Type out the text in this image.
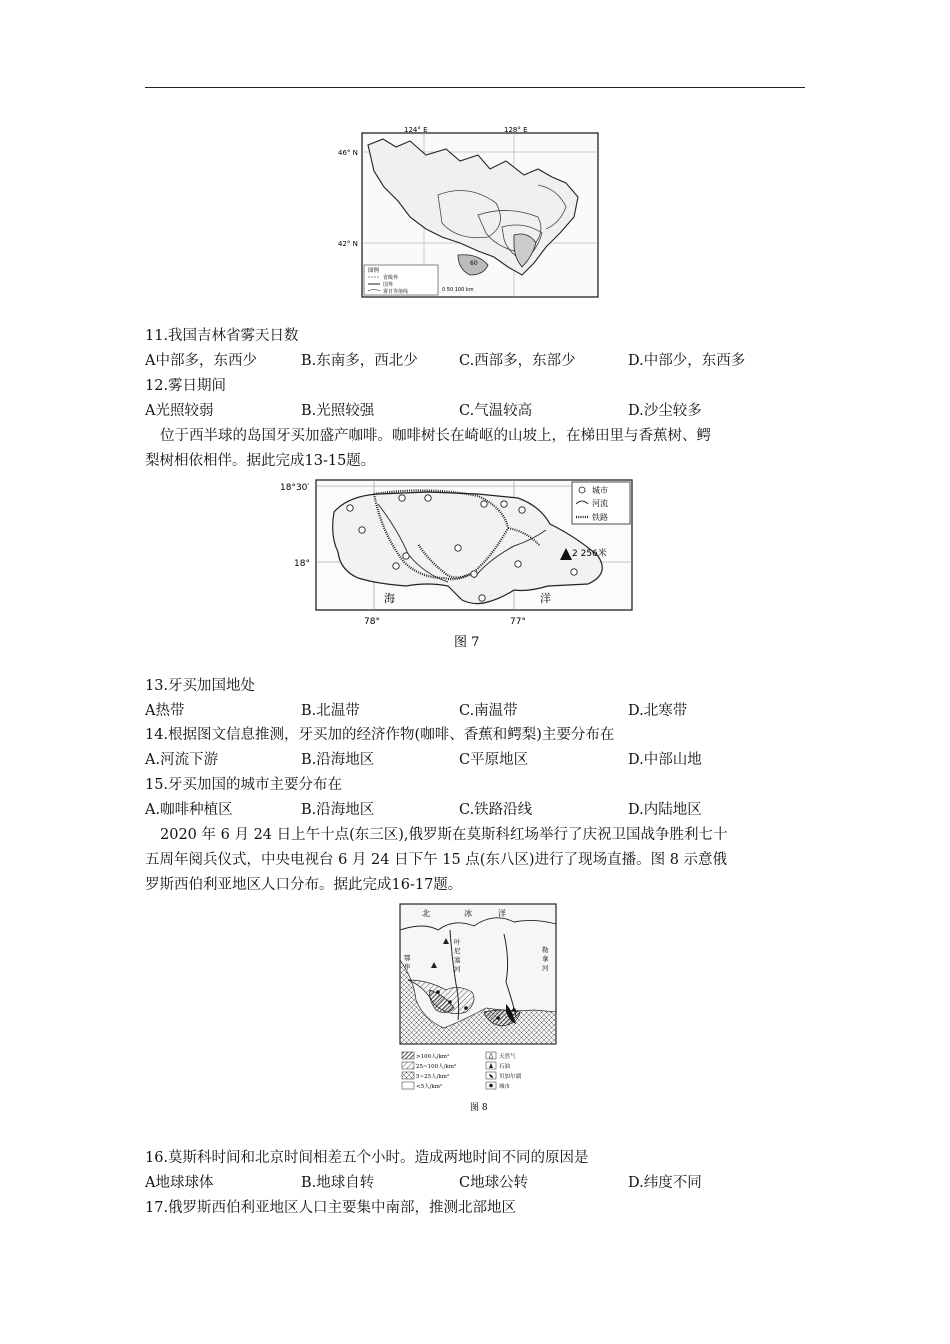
124° E	128° E
46° N
42° N
60
图例
省级界
国界
雾日等值线	0 50 100 km
11.我国吉林省雾天日数
A中部多，东西少	B.东南多，西北少	C.西部多，东部少	D.中部少，东西多
12.雾日期间
A光照较弱	B.光照较强	C.气温较高	D.沙尘较多
位于西半球的岛国牙买加盛产咖啡。咖啡树长在崎岖的山坡上，在梯田里与香蕉树、鳄
梨树相依相伴。据此完成13-15题。
18°30′
18°
78°	77°
2 256米
海	洋
城市
河流
铁路
图 7
13.牙买加国地处
A热带	B.北温带	C.南温带	D.北寒带
14.根据图文信息推测，牙买加的经济作物(咖啡、香蕉和鳄梨)主要分布在
A.河流下游	B.沿海地区	C平原地区	D.中部山地
15.牙买加国的城市主要分布在
A.咖啡种植区	B.沿海地区	C.铁路沿线	D.内陆地区
2020 年 6 月 24 日上午十点(东三区),俄罗斯在莫斯科红场举行了庆祝卫国战争胜利七十
五周年阅兵仪式，中央电视台 6 月 24 日下午 15 点(东八区)进行了现场直播。图 8 示意俄
罗斯西伯利亚地区人口分布。据此完成16-17题。
北	冰	洋
叶
尼
塞
河
勒
拿
河
鄂
毕
>100人/km²
25~100人/km²
5~25人/km²
<5人/km²
天然气
石油
贝加尔湖
城市
图 8
16.莫斯科时间和北京时间相差五个小时。造成两地时间不同的原因是
A地球球体	B.地球自转	C地球公转	D.纬度不同
17.俄罗斯西伯利亚地区人口主要集中南部，推测北部地区
